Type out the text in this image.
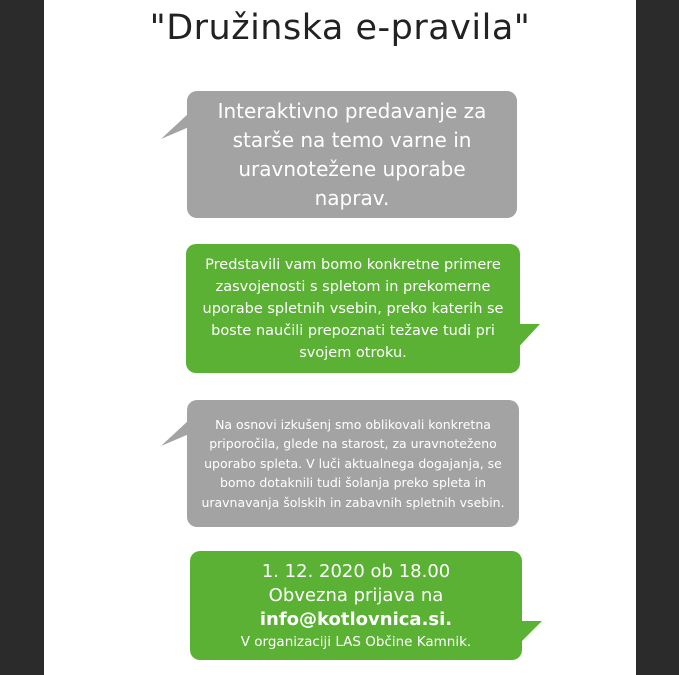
"Družinska e-pravila"
Interaktivno predavanje za
starše na temo varne in
uravnotežene uporabe
naprav.
Predstavili vam bomo konkretne primere
zasvojenosti s spletom in prekomerne
uporabe spletnih vsebin, preko katerih se
boste naučili prepoznati težave tudi pri
svojem otroku.
Na osnovi izkušenj smo oblikovali konkretna
priporočila, glede na starost, za uravnoteženo
uporabo spleta. V luči aktualnega dogajanja, se
bomo dotaknili tudi šolanja preko spleta in
uravnavanja šolskih in zabavnih spletnih vsebin.
1. 12. 2020 ob 18.00
Obvezna prijava na
info@kotlovnica.si.
V organizaciji LAS Občine Kamnik.
